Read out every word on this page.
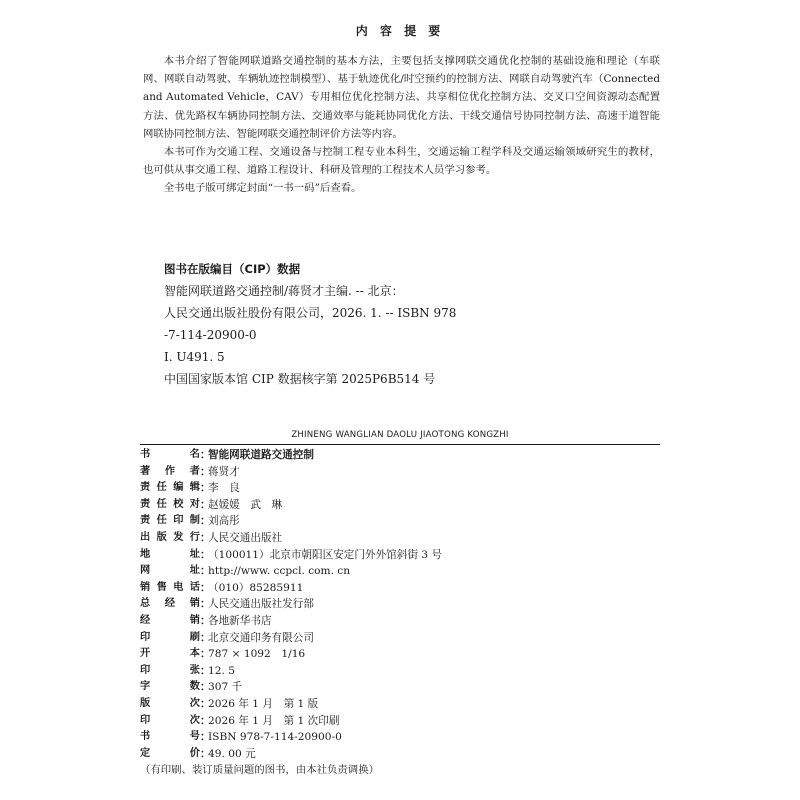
内 容 提 要

本书介绍了智能网联道路交通控制的基本方法，主要包括支撑网联交通优化控制的基础设施和理论（车联网、网联自动驾驶、车辆轨迹控制模型）、基于轨迹优化/时空预约的控制方法、网联自动驾驶汽车（Connected and Automated Vehicle，CAV）专用相位优化控制方法、共享相位优化控制方法、交叉口空间资源动态配置方法、优先路权车辆协同控制方法、交通效率与能耗协同优化方法、干线交通信号协同控制方法、高速干道智能网联协同控制方法、智能网联交通控制评价方法等内容。

本书可作为交通工程、交通设备与控制工程专业本科生，交通运输工程学科及交通运输领域研究生的教材，也可供从事交通工程、道路工程设计、科研及管理的工程技术人员学习参考。

全书电子版可绑定封面“一书一码”后查看。

图书在版编目（CIP）数据
智能网联道路交通控制/蒋贤才主编. -- 北京：
人民交通出版社股份有限公司，2026. 1. -- ISBN 978
-7-114-20900-0
Ⅰ. U491. 5
中国国家版本馆 CIP 数据核字第 2025P6B514 号
ZHINENG WANGLIAN DAOLU JIAOTONG KONGZHI
书　　名 ：
智能网联道路交通控制
著 作 者 ：
蒋贤才
责任编辑 ：
李　良
责任校对 ：
赵媛媛　武　琳
责任印制 ：
刘高彤
出版发行 ：
人民交通出版社
地　　址 ：
（100011）北京市朝阳区安定门外外馆斜街 3 号
网　　址 ：
http://www. ccpcl. com. cn
销售电话 ：
（010）85285911
总 经 销 ：
人民交通出版社发行部
经　　销 ：
各地新华书店
印　　刷 ：
北京交通印务有限公司
开　　本 ：
787 × 1092　1/16
印　　张 ：
12. 5
字　　数 ：
307 千
版　　次 ：
2026 年 1 月　第 1 版
印　　次 ：
2026 年 1 月　第 1 次印刷
书　　号 ：
ISBN 978-7-114-20900-0
定　　价 ：
49. 00 元
（有印刷、装订质量问题的图书，由本社负责调换）
